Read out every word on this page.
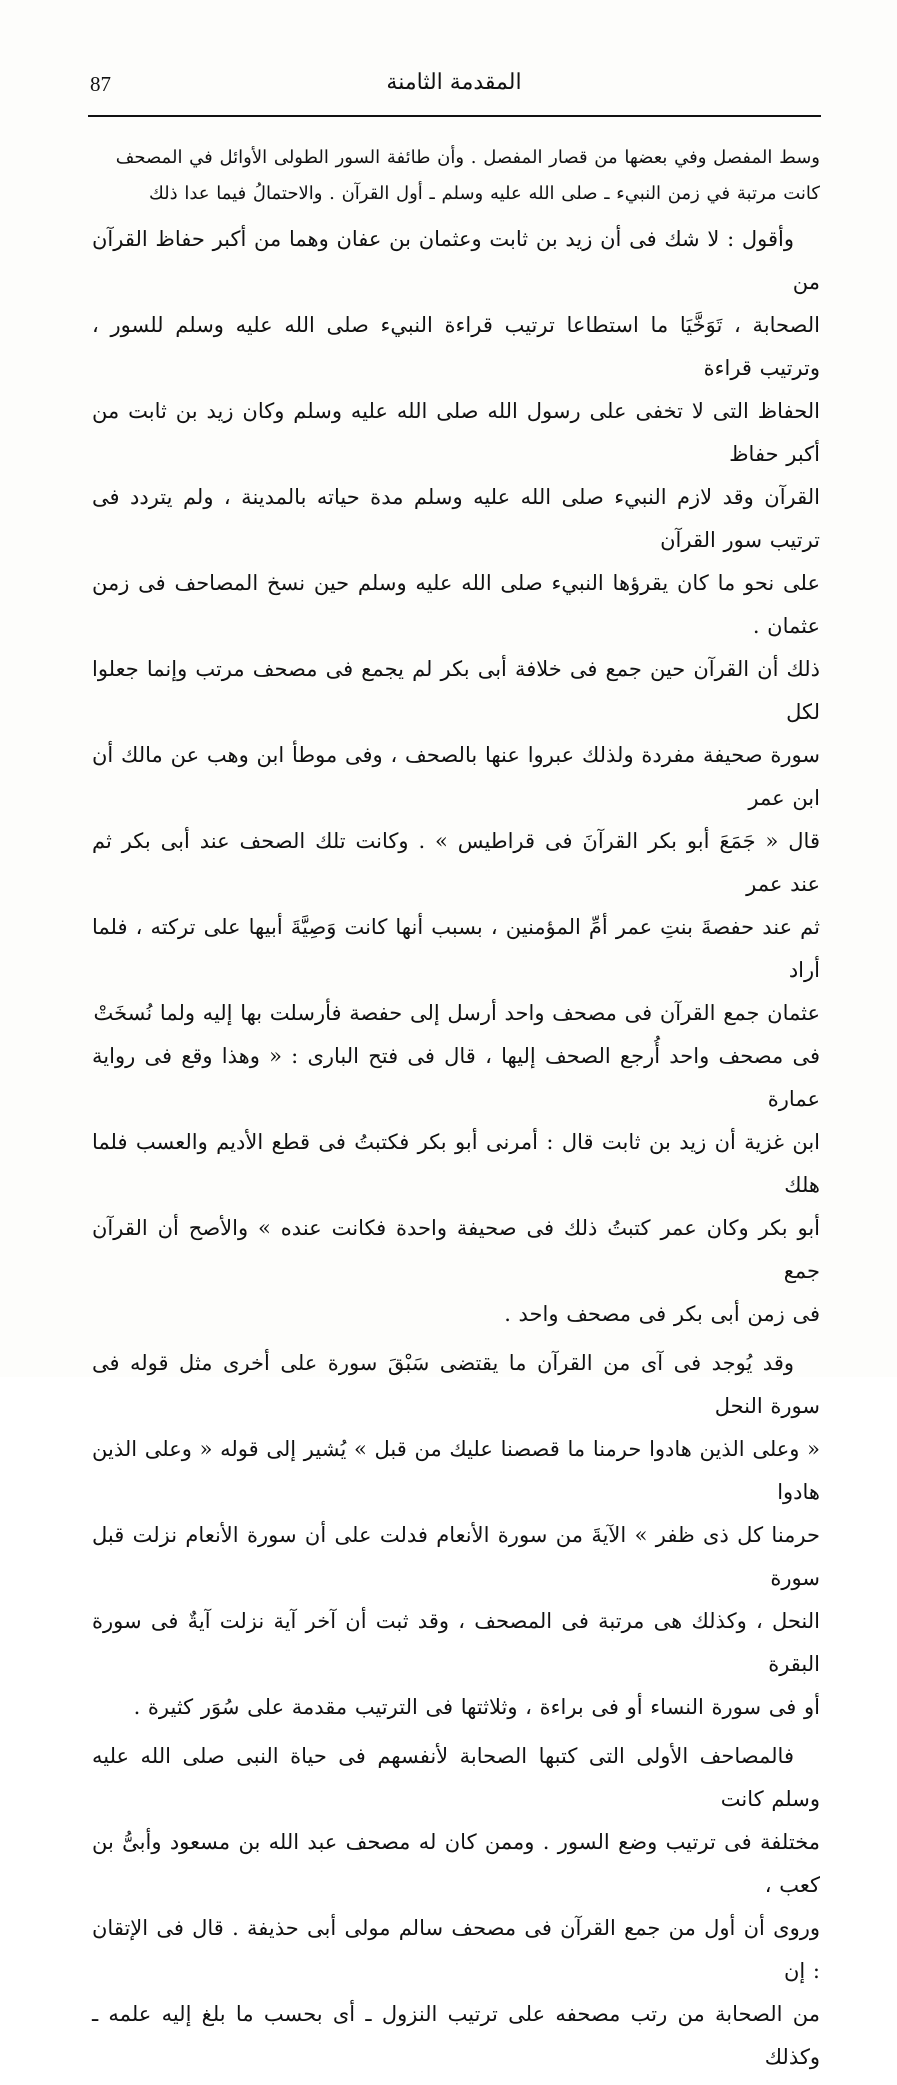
87	المقدمة الثامنة

وسط المفصل وفي بعضها من قصار المفصل . وأن طائفة السور الطولى الأوائل في المصحف
كانت مرتبة في زمن النبيء ـ صلى الله عليه وسلم ـ أول القرآن . والاحتمالُ فيما عدا ذلك

وأقول : لا شك فى أن زيد بن ثابت وعثمان بن عفان وهما من أكبر حفاظ القرآن من
الصحابة ، تَوَخَّيَا ما استطاعا ترتيب قراءة النبيء صلى الله عليه وسلم للسور ، وترتيب قراءة
الحفاظ التى لا تخفى على رسول الله صلى الله عليه وسلم وكان زيد بن ثابت من أكبر حفاظ
القرآن وقد لازم النبيء صلى الله عليه وسلم مدة حياته بالمدينة ، ولم يتردد فى ترتيب سور القرآن
على نحو ما كان يقرؤها النبيء صلى الله عليه وسلم حين نسخ المصاحف فى زمن عثمان .
ذلك أن القرآن حين جمع فى خلافة أبى بكر لم يجمع فى مصحف مرتب وإنما جعلوا لكل
سورة صحيفة مفردة ولذلك عبروا عنها بالصحف ، وفى موطأ ابن وهب عن مالك أن ابن عمر
قال « جَمَعَ أبو بكر القرآنَ فى قراطيس » . وكانت تلك الصحف عند أبى بكر ثم عند عمر
ثم عند حفصةَ بنتِ عمر أمِّ المؤمنين ، بسبب أنها كانت وَصِيَّةَ أبيها على تركته ، فلما أراد
عثمان جمع القرآن فى مصحف واحد أرسل إلى حفصة فأرسلت بها إليه ولما نُسخَتْ
فى مصحف واحد أُرجع الصحف إليها ، قال فى فتح البارى : « وهذا وقع فى رواية عمارة
ابن غزية أن زيد بن ثابت قال : أمرنى أبو بكر فكتبتُ فى قطع الأديم والعسب فلما هلك
أبو بكر وكان عمر كتبتُ ذلك فى صحيفة واحدة فكانت عنده » والأصح أن القرآن جمع
فى زمن أبى بكر فى مصحف واحد .

وقد يُوجد فى آى من القرآن ما يقتضى سَبْقَ سورة على أخرى مثل قوله فى سورة النحل
« وعلى الذين هادوا حرمنا ما قصصنا عليك من قبل » يُشير إلى قوله « وعلى الذين هادوا
حرمنا كل ذى ظفر » الآيةَ من سورة الأنعام فدلت على أن سورة الأنعام نزلت قبل سورة
النحل ، وكذلك هى مرتبة فى المصحف ، وقد ثبت أن آخر آية نزلت آيةٌ فى سورة البقرة
أو فى سورة النساء أو فى براءة ، وثلاثتها فى الترتيب مقدمة على سُوَر كثيرة .

فالمصاحف الأولى التى كتبها الصحابة لأنفسهم فى حياة النبى صلى الله عليه وسلم كانت
مختلفة فى ترتيب وضع السور . وممن كان له مصحف عبد الله بن مسعود وأبىُّ بن كعب ،
وروى أن أول من جمع القرآن فى مصحف سالم مولى أبى حذيفة . قال فى الإتقان : إن
من الصحابة من رتب مصحفه على ترتيب النزول ـ أى بحسب ما بلغ إليه علمه ـ وكذلك
